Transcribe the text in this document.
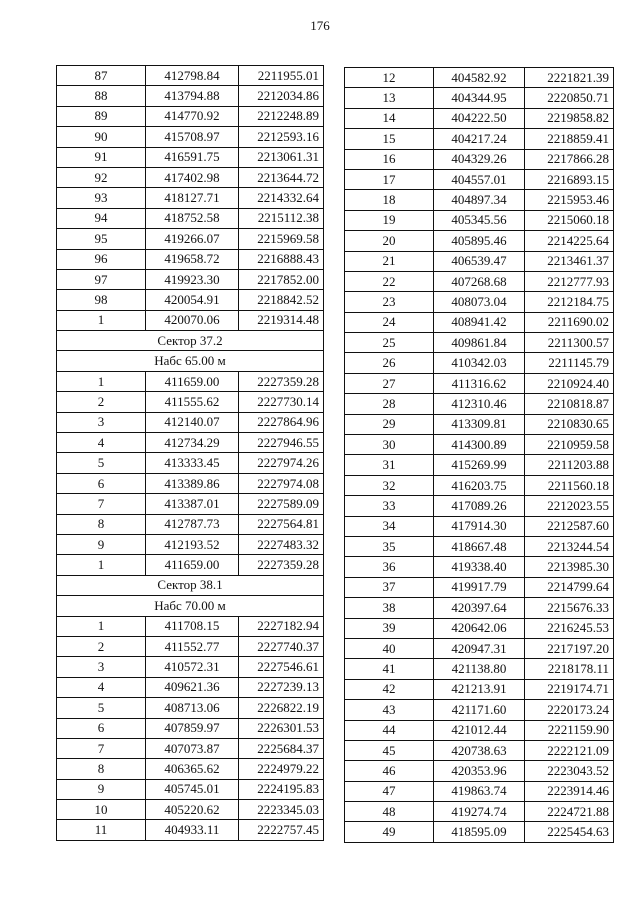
176
87	412798.84	2211955.01
88	413794.88	2212034.86
89	414770.92	2212248.89
90	415708.97	2212593.16
91	416591.75	2213061.31
92	417402.98	2213644.72
93	418127.71	2214332.64
94	418752.58	2215112.38
95	419266.07	2215969.58
96	419658.72	2216888.43
97	419923.30	2217852.00
98	420054.91	2218842.52
1	420070.06	2219314.48
Сектор 37.2		
Набс 65.00 м		
1	411659.00	2227359.28
2	411555.62	2227730.14
3	412140.07	2227864.96
4	412734.29	2227946.55
5	413333.45	2227974.26
6	413389.86	2227974.08
7	413387.01	2227589.09
8	412787.73	2227564.81
9	412193.52	2227483.32
1	411659.00	2227359.28
Сектор 38.1		
Набс 70.00 м		
1	411708.15	2227182.94
2	411552.77	2227740.37
3	410572.31	2227546.61
4	409621.36	2227239.13
5	408713.06	2226822.19
6	407859.97	2226301.53
7	407073.87	2225684.37
8	406365.62	2224979.22
9	405745.01	2224195.83
10	405220.62	2223345.03
11	404933.11	2222757.45
12	404582.92	2221821.39
13	404344.95	2220850.71
14	404222.50	2219858.82
15	404217.24	2218859.41
16	404329.26	2217866.28
17	404557.01	2216893.15
18	404897.34	2215953.46
19	405345.56	2215060.18
20	405895.46	2214225.64
21	406539.47	2213461.37
22	407268.68	2212777.93
23	408073.04	2212184.75
24	408941.42	2211690.02
25	409861.84	2211300.57
26	410342.03	2211145.79
27	411316.62	2210924.40
28	412310.46	2210818.87
29	413309.81	2210830.65
30	414300.89	2210959.58
31	415269.99	2211203.88
32	416203.75	2211560.18
33	417089.26	2212023.55
34	417914.30	2212587.60
35	418667.48	2213244.54
36	419338.40	2213985.30
37	419917.79	2214799.64
38	420397.64	2215676.33
39	420642.06	2216245.53
40	420947.31	2217197.20
41	421138.80	2218178.11
42	421213.91	2219174.71
43	421171.60	2220173.24
44	421012.44	2221159.90
45	420738.63	2222121.09
46	420353.96	2223043.52
47	419863.74	2223914.46
48	419274.74	2224721.88
49	418595.09	2225454.63
